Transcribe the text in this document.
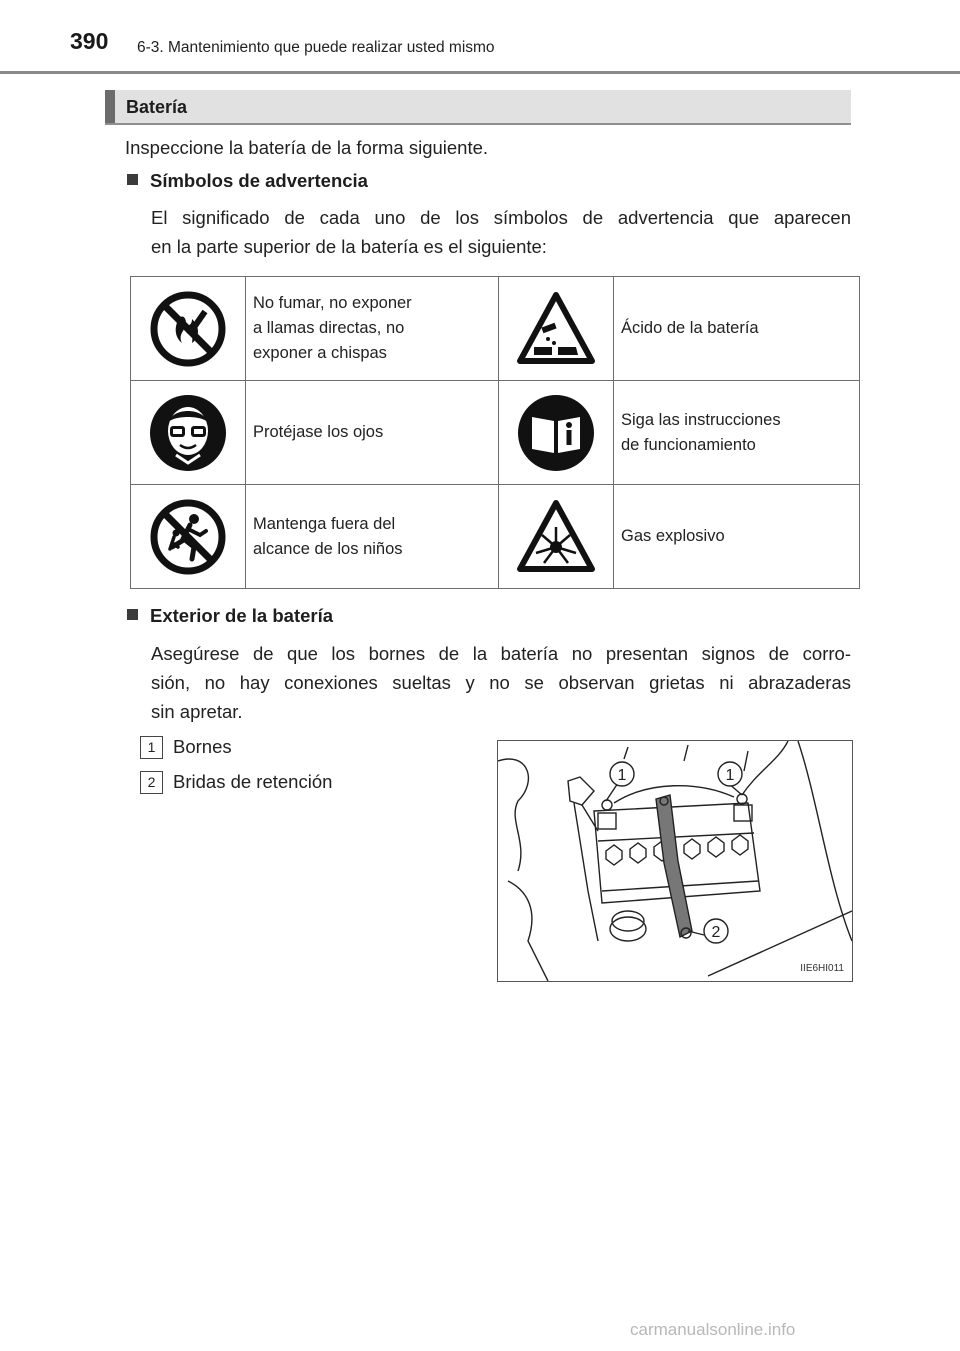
390 6-3. Mantenimiento que puede realizar usted mismo
Batería
Inspeccione la batería de la forma siguiente.
Símbolos de advertencia
El significado de cada uno de los símbolos de advertencia que aparecen
en la parte superior de la batería es el siguiente:

No fumar, no exponer
a llamas directas, no
exponer a chispas		Ácido de la batería

Protéjase los ojos		Siga las instrucciones
de funcionamiento

Mantenga fuera del
alcance de los niños		Gas explosivo
Exterior de la batería
Asegúrese de que los bornes de la batería no presentan signos de corro-
sión, no hay conexiones sueltas y no se observan grietas ni abrazaderas
sin apretar.
1 Bornes
2 Bridas de retención	1	1
2
IIE6HI011
carmanualsonline.info
